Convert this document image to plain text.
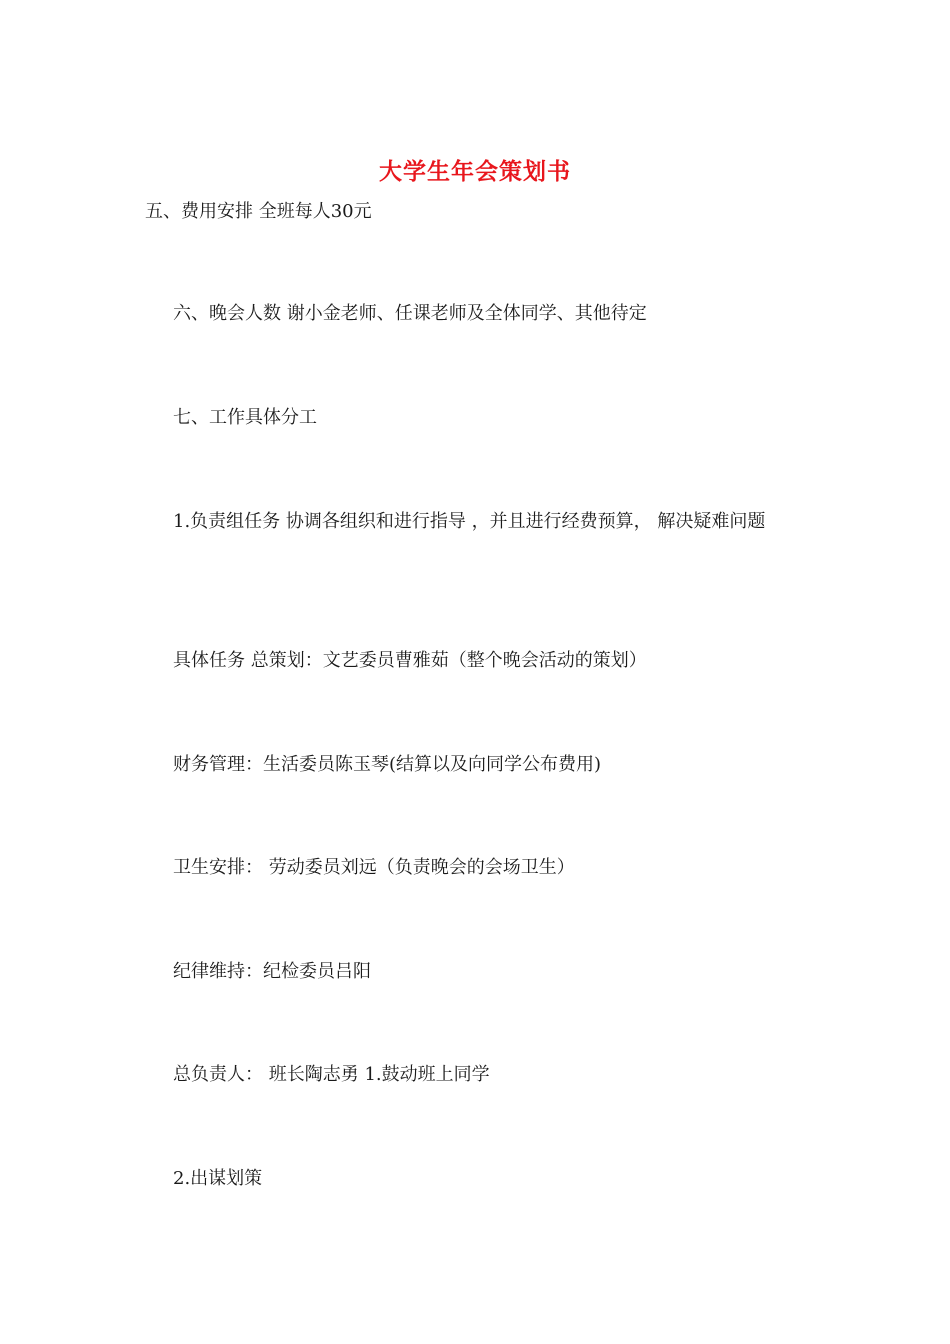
大学生年会策划书
五、费用安排 全班每人30元
六、晚会人数 谢小金老师、任课老师及全体同学、其他待定
七、工作具体分工
1.负责组任务 协调各组织和进行指导 ，并且进行经费预算， 解决疑难问题
具体任务 总策划：文艺委员曹雅茹（整个晚会活动的策划）
财务管理：生活委员陈玉琴(结算以及向同学公布费用)
卫生安排： 劳动委员刘远（负责晚会的会场卫生）
纪律维持：纪检委员吕阳
总负责人： 班长陶志勇 1.鼓动班上同学
2.出谋划策
